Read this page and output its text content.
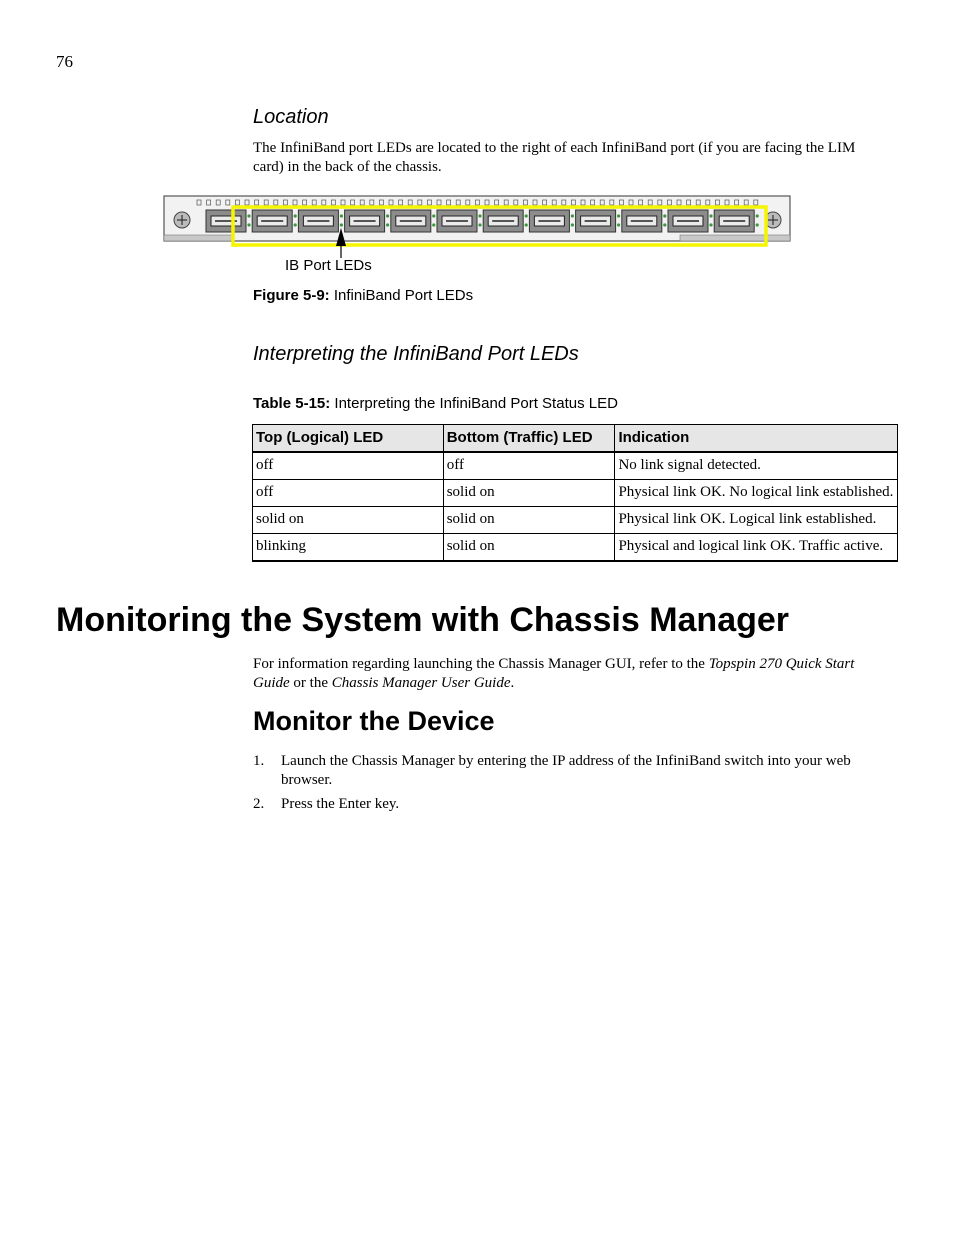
76
Location
The InfiniBand port LEDs are located to the right of each InfiniBand port (if you are facing the LIM card) in the back of the chassis.
IB Port LEDs
Figure 5-9: InfiniBand Port LEDs
Interpreting the InfiniBand Port LEDs
Table 5-15: Interpreting the InfiniBand Port Status LED
Top (Logical) LED	Bottom (Traffic) LED	Indication
off	off	No link signal detected.
off	solid on	Physical link OK. No logical link established.
solid on	solid on	Physical link OK. Logical link established.
blinking	solid on	Physical and logical link OK. Traffic active.
Monitoring the System with Chassis Manager
For information regarding launching the Chassis Manager GUI, refer to the Topspin 270 Quick Start Guide or the Chassis Manager User Guide.
Monitor the Device
1.	Launch the Chassis Manager by entering the IP address of the InfiniBand switch into your web browser.
2.	Press the Enter key.
